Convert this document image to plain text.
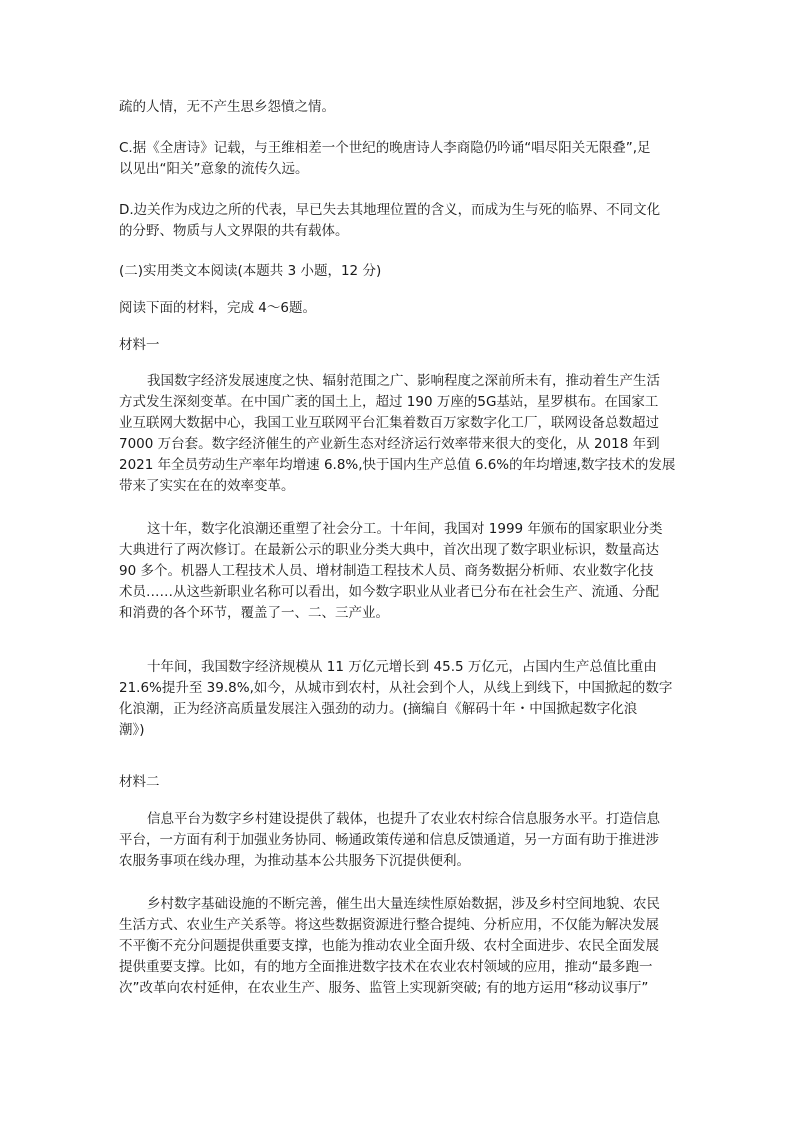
疏的人情，无不产生思乡怨憤之情。

C.据《全唐诗》记载，与王维相差一个世纪的晚唐诗人李商隐仍吟诵“唱尽阳关无限叠”,足

以见出“阳关”意象的流传久远。

D.边关作为戍边之所的代表，早已失去其地理位置的含义，而成为生与死的临界、不同文化

的分野、物质与人文界限的共有载体。

(二)实用类文本阅读(本题共 3 小题，12 分)

阅读下面的材料，完成 4～6题。

材料一

我国数字经济发展速度之快、辐射范围之广、影响程度之深前所未有，推动着生产生活
方式发生深刻变革。在中国广袤的国土上，超过 190 万座的5G基站，星罗棋布。在国家工
业互联网大数据中心，我国工业互联网平台汇集着数百万家数字化工厂，联网设备总数超过
7000 万台套。数字经济催生的产业新生态对经济运行效率带来很大的变化，从 2018 年到
2021 年全员劳动生产率年均增速 6.8%,快于国内生产总值 6.6%的年均增速,数字技术的发展
带来了实实在在的效率变革。
这十年，数字化浪潮还重塑了社会分工。十年间，我国对 1999 年颁布的国家职业分类
大典进行了两次修订。在最新公示的职业分类大典中，首次出现了数字职业标识，数量高达
90 多个。机器人工程技术人员、增材制造工程技术人员、商务数据分析师、农业数字化技
术员……从这些新职业名称可以看出，如今数字职业从业者已分布在社会生产、流通、分配
和消费的各个环节，覆盖了一、二、三产业。
十年间，我国数字经济规模从 11 万亿元增长到 45.5 万亿元，占国内生产总值比重由
21.6%提升至 39.8%,如今，从城市到农村，从社会到个人，从线上到线下，中国掀起的数字
化浪潮，正为经济高质量发展注入强劲的动力。(摘编自《解码十年・中国掀起数字化浪
潮》)

材料二

信息平台为数字乡村建设提供了载体，也提升了农业农村综合信息服务水平。打造信息
平台，一方面有利于加强业务协同、畅通政策传递和信息反馈通道，另一方面有助于推进涉
农服务事项在线办理，为推动基本公共服务下沉提供便利。
乡村数字基础设施的不断完善，催生出大量连续性原始数据，涉及乡村空间地貌、农民
生活方式、农业生产关系等。将这些数据资源进行整合提纯、分析应用，不仅能为解决发展
不平衡不充分问题提供重要支撑，也能为推动农业全面升级、农村全面进步、农民全面发展
提供重要支撑。比如，有的地方全面推进数字技术在农业农村领域的应用，推动“最多跑一
次”改革向农村延伸，在农业生产、服务、监管上实现新突破; 有的地方运用“移动议事厅”
